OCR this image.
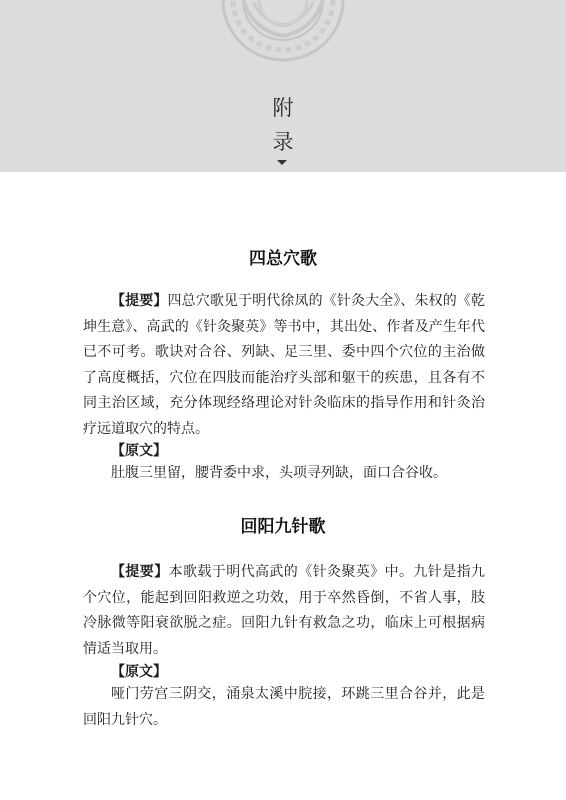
附
录
四总穴歌

【提要】四总穴歌见于明代徐凤的《针灸大全》、朱权的《乾坤生意》、高武的《针灸聚英》等书中，其出处、作者及产生年代已不可考。歌诀对合谷、列缺、足三里、委中四个穴位的主治做了高度概括，穴位在四肢而能治疗头部和躯干的疾患，且各有不同主治区域，充分体现经络理论对针灸临床的指导作用和针灸治疗远道取穴的特点。

【原文】

肚腹三里留，腰背委中求，头项寻列缺，面口合谷收。

回阳九针歌

【提要】本歌载于明代高武的《针灸聚英》中。九针是指九个穴位，能起到回阳救逆之功效，用于卒然昏倒，不省人事，肢冷脉微等阳衰欲脱之症。回阳九针有救急之功，临床上可根据病情适当取用。

【原文】

哑门劳宫三阴交，涌泉太溪中脘接，环跳三里合谷并，此是回阳九针穴。
